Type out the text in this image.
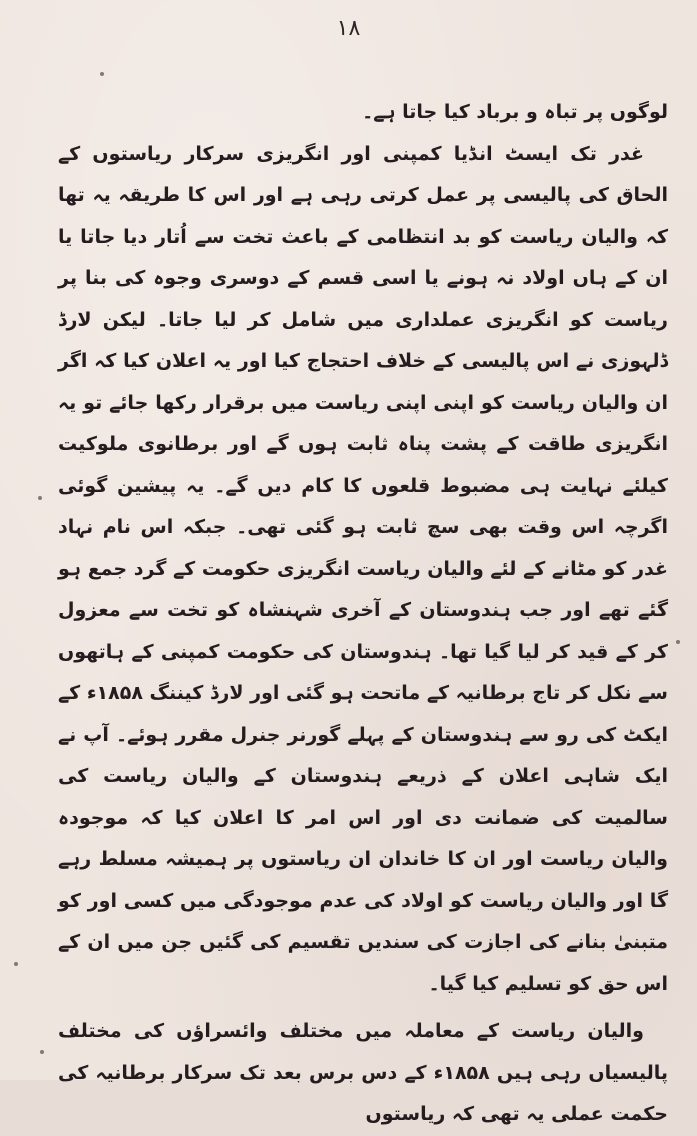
۱۸

لوگوں پر تباہ و برباد کیا جاتا ہے۔

غدر تک ایسٹ انڈیا کمپنی اور انگریزی سرکار ریاستوں کے الحاق کی پالیسی پر عمل کرتی رہی ہے اور اس کا طریقہ یہ تھا کہ والیان ریاست کو بد انتظامی کے باعث تخت سے اُتار دیا جاتا یا ان کے ہاں اولاد نہ ہونے یا اسی قسم کے دوسری وجوہ کی بنا پر ریاست کو انگریزی عملداری میں شامل کر لیا جاتا۔ لیکن لارڈ ڈلہوزی نے اس پالیسی کے خلاف احتجاج کیا اور یہ اعلان کیا کہ اگر ان والیان ریاست کو اپنی اپنی ریاست میں برقرار رکھا جائے تو یہ انگریزی طاقت کے پشت پناہ ثابت ہوں گے اور برطانوی ملوکیت کیلئے نہایت ہی مضبوط قلعوں کا کام دیں گے۔ یہ پیشین گوئی اگرچہ اس وقت بھی سچ ثابت ہو گئی تھی۔ جبکہ اس نام نہاد غدر کو مٹانے کے لئے والیان ریاست انگریزی حکومت کے گرد جمع ہو گئے تھے اور جب ہندوستان کے آخری شہنشاہ کو تخت سے معزول کر کے قید کر لیا گیا تھا۔ ہندوستان کی حکومت کمپنی کے ہاتھوں سے نکل کر تاج برطانیہ کے ماتحت ہو گئی اور لارڈ کیننگ ۱۸۵۸ء کے ایکٹ کی رو سے ہندوستان کے پہلے گورنر جنرل مقرر ہوئے۔ آپ نے ایک شاہی اعلان کے ذریعے ہندوستان کے والیان ریاست کی سالمیت کی ضمانت دی اور اس امر کا اعلان کیا کہ موجودہ والیان ریاست اور ان کا خاندان ان ریاستوں پر ہمیشہ مسلط رہے گا اور والیان ریاست کو اولاد کی عدم موجودگی میں کسی اور کو متبنیٰ بنانے کی اجازت کی سندیں تقسیم کی گئیں جن میں ان کے اس حق کو تسلیم کیا گیا۔

والیان ریاست کے معاملہ میں مختلف وائسراؤں کی مختلف پالیسیاں رہی ہیں ۱۸۵۸ء کے دس برس بعد تک سرکار برطانیہ کی حکمت عملی یہ تھی کہ ریاستوں
